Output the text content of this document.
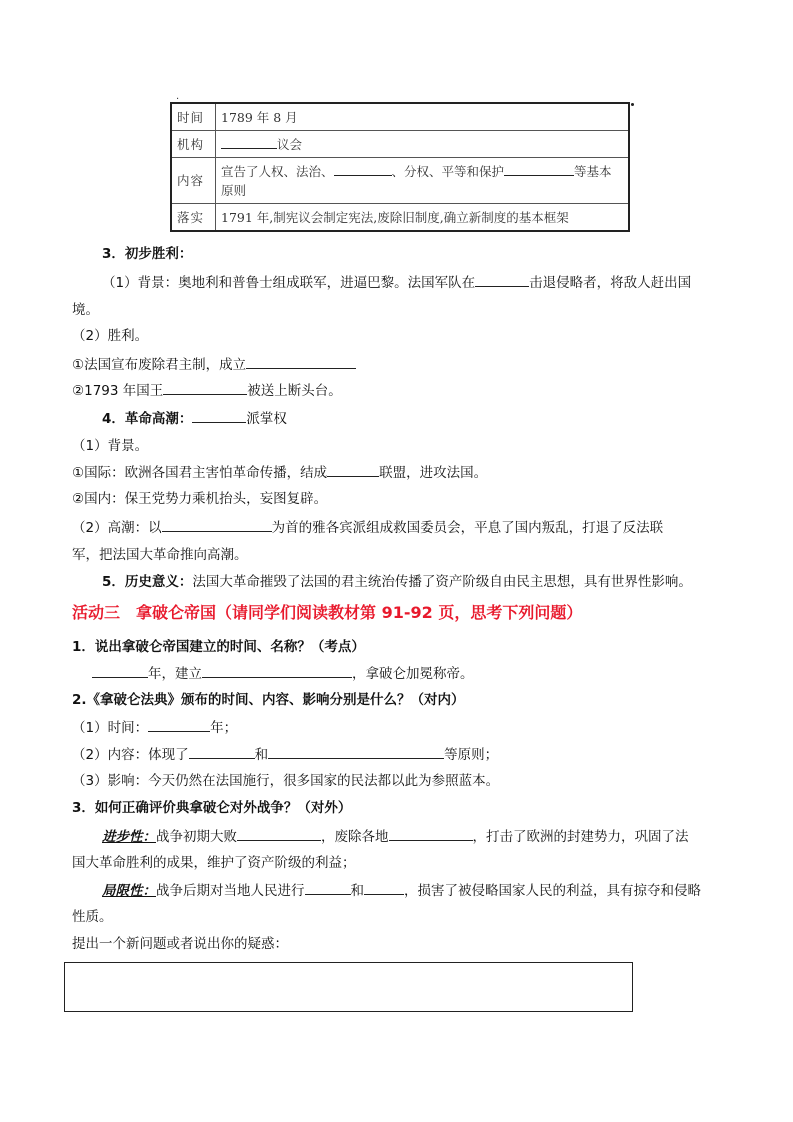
·
时间	1789 年 8 月
机构	议会
内容	宣告了人权、法治、 、分权、平等和保护 等基本
原则
落实	1791 年,制宪议会制定宪法,废除旧制度,确立新制度的基本框架
3．初步胜利：
（1）背景：奥地利和普鲁士组成联军，进逼巴黎。法国军队在	击退侵略者，将敌人赶出国
境。
（2）胜利。
①法国宣布废除君主制，成立
②1793 年国王	被送上断头台。
4．革命高潮：	派掌权
（1）背景。
①国际：欧洲各国君主害怕革命传播，结成	联盟，进攻法国。
②国内：保王党势力乘机抬头，妄图复辟。
（2）高潮：以	为首的雅各宾派组成救国委员会，平息了国内叛乱，打退了反法联
军，把法国大革命推向高潮。
5．历史意义：法国大革命摧毁了法国的君主统治传播了资产阶级自由民主思想，具有世界性影响。
活动三　拿破仑帝国（请同学们阅读教材第 91-92 页，思考下列问题）
1．说出拿破仑帝国建立的时间、名称？（考点）
年，建立	，拿破仑加冕称帝。
2.《拿破仑法典》颁布的时间、内容、影响分别是什么？（对内）
（1）时间：	年；
（2）内容：体现了	和	等原则；
（3）影响：今天仍然在法国施行，很多国家的民法都以此为参照蓝本。
3．如何正确评价典拿破仑对外战争？（对外）
进步性：战争初期大败	，废除各地	，打击了欧洲的封建势力，巩固了法
国大革命胜利的成果，维护了资产阶级的利益；
局限性：战争后期对当地人民进行	和	，损害了被侵略国家人民的利益，具有掠夺和侵略
性质。
提出一个新问题或者说出你的疑惑：
